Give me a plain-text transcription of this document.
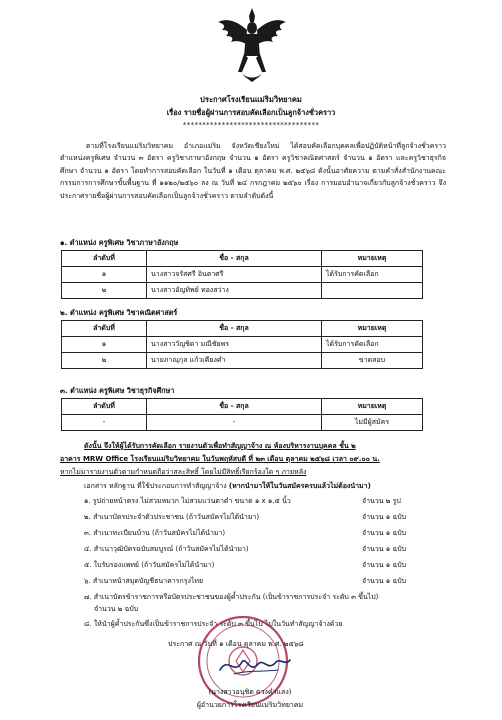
ประกาศโรงเรียนแม่ริมวิทยาคม
เรื่อง รายชื่อผู้ผ่านการสอบคัดเลือกเป็นลูกจ้างชั่วคราว
***********************************
ตามที่โรงเรียนแม่ริมวิทยาคม อำเภอแม่ริม จังหวัดเชียงใหม่ ได้สอบคัดเลือกบุคคลเพื่อปฏิบัติหน้าที่ลูกจ้างชั่วคราว ตำแหน่งครูพิเศษ จำนวน ๓ อัตรา ครูวิชาภาษาอังกฤษ จำนวน ๑ อัตรา ครูวิชาคณิตศาสตร์ จำนวน ๑ อัตรา และครูวิชาธุรกิจศึกษา จำนวน ๑ อัตรา โดยทำการสอบคัดเลือก ในวันที่ ๑ เดือน ตุลาคม พ.ศ. ๒๕๖๘ ดังนั้นอาศัยความ ตามคำสั่งสำนักงานคณะกรรมการการศึกษาขั้นพื้นฐาน ที่ ๑๑๒๐/๒๕๖๐ ลง ณ วันที่ ๒๔ กรกฎาคม ๒๕๖๐ เรื่อง การมอบอำนาจเกี่ยวกับลูกจ้างชั่วคราว จึงประกาศรายชื่อผู้ผ่านการสอบคัดเลือกเป็นลูกจ้างชั่วคราว ตามลำดับดังนี้
๑. ตำแหน่ง ครูพิเศษ วิชาภาษาอังกฤษ
ลำดับที่	ชื่อ - สกุล	หมายเหตุ
๑	นางสาวจรัสศรี อินตาศรี	ได้รับการคัดเลือก
๒	นางสาวอัญทิพย์ ทองสว่าง	
๒. ตำแหน่ง ครูพิเศษ วิชาคณิตศาสตร์
ลำดับที่	ชื่อ - สกุล	หมายเหตุ
๑	นางสาววัญชิดา มณีชัยพร	ได้รับการคัดเลือก
๒	นายภาณุกุล แก้วเคียงคำ	ขาดสอบ
๓. ตำแหน่ง ครูพิเศษ วิชาธุรกิจศึกษา
ลำดับที่	ชื่อ - สกุล	หมายเหตุ
-	-	ไม่มีผู้สมัคร
ดังนั้น จึงให้ผู้ได้รับการคัดเลือก รายงานตัวเพื่อทำสัญญาจ้าง ณ ห้องบริหารงานบุคคล ชั้น ๒
อาคาร MRW Office โรงเรียนแม่ริมวิทยาคม ในวันพฤหัสบดี ที่ ๒๓ เดือน ตุลาคม ๒๕๖๘ เวลา ๐๙.๐๐ น.
หากไม่มารายงานตัวตามกำหนดถือว่าสละสิทธิ์ โดยไม่มีสิทธิ์เรียกร้องใด ๆ ภายหลัง
เอกสาร หลักฐาน ที่ใช้ประกอบการทำสัญญาจ้าง (หากนำมาให้ในวันสมัครครบแล้วไม่ต้องนำมา)
๑. รูปถ่ายหน้าตรง ไม่สวมหมวก ไม่สวมแว่นตาดำ ขนาด ๑ x ๑.๕ นิ้ว	จำนวน ๒ รูป
๒. สำเนาบัตรประจำตัวประชาชน (ถ้าวันสมัครไม่ได้นำมา)	จำนวน ๑ ฉบับ
๓. สำเนาทะเบียนบ้าน (ถ้าวันสมัครไม่ได้นำมา)	จำนวน ๑ ฉบับ
๔. สำเนาวุฒิบัตรฉบับสมบูรณ์ (ถ้าวันสมัครไม่ได้นำมา)	จำนวน ๑ ฉบับ
๕. ใบรับรองแพทย์ (ถ้าวันสมัครไม่ได้นำมา)	จำนวน ๑ ฉบับ
๖. สำเนาหน้าสมุดบัญชีธนาคารกรุงไทย	จำนวน ๑ ฉบับ
๗. สำเนาบัตรข้าราชการหรือบัตรประชาชนของผู้ค้ำประกัน (เป็นข้าราชการประจำ ระดับ ๓ ขึ้นไป)
จำนวน ๒ ฉบับ
๘. ให้นำผู้ค้ำประกันซึ่งเป็นข้าราชการประจำ ระดับ ๓ ขึ้นไป ไปในวันทำสัญญาจ้างด้วย
ประกาศ ณ วันที่ ๑ เดือน ตุลาคม พ.ศ. ๒๕๖๘
(นางสาวอนุชิต ดวงคำแสง)
ผู้อำนวยการโรงเรียนแม่ริมวิทยาคม
